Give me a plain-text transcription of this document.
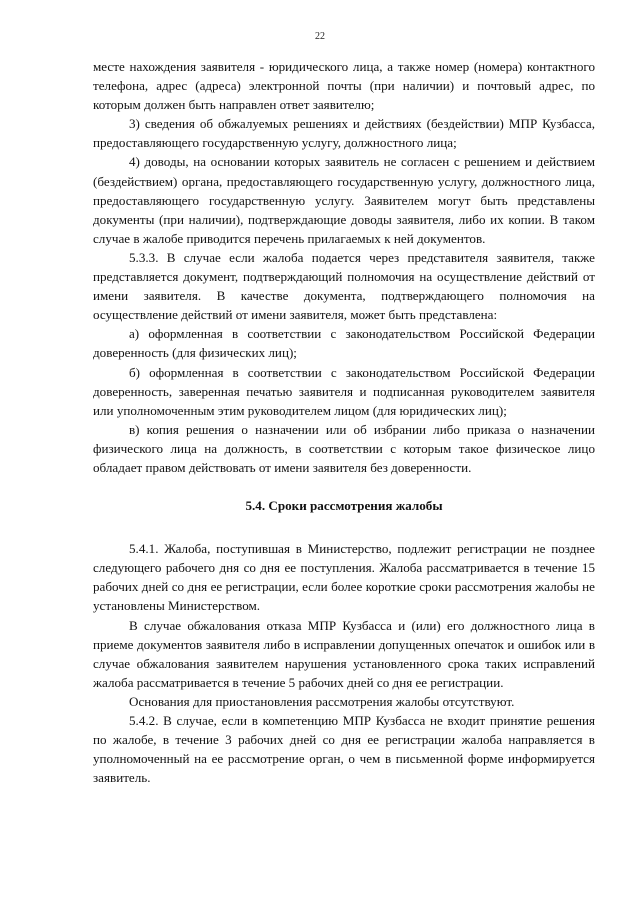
22

месте нахождения заявителя - юридического лица, а также номер (номера) контактного телефона, адрес (адреса) электронной почты (при наличии) и почтовый адрес, по которым должен быть направлен ответ заявителю;

3) сведения об обжалуемых решениях и действиях (бездействии) МПР Кузбасса, предоставляющего государственную услугу, должностного лица;

4) доводы, на основании которых заявитель не согласен с решением и действием (бездействием) органа, предоставляющего государственную услугу, должностного лица, предоставляющего государственную услугу. Заявителем могут быть представлены документы (при наличии), подтверждающие доводы заявителя, либо их копии. В таком случае в жалобе приводится перечень прилагаемых к ней документов.

5.3.3. В случае если жалоба подается через представителя заявителя, также представляется документ, подтверждающий полномочия на осуществление действий от имени заявителя. В качестве документа, подтверждающего полномочия на осуществление действий от имени заявителя, может быть представлена:

а) оформленная в соответствии с законодательством Российской Федерации доверенность (для физических лиц);

б) оформленная в соответствии с законодательством Российской Федерации доверенность, заверенная печатью заявителя и подписанная руководителем заявителя или уполномоченным этим руководителем лицом (для юридических лиц);

в) копия решения о назначении или об избрании либо приказа о назначении физического лица на должность, в соответствии с которым такое физическое лицо обладает правом действовать от имени заявителя без доверенности.

5.4. Сроки рассмотрения жалобы

5.4.1. Жалоба, поступившая в Министерство, подлежит регистрации не позднее следующего рабочего дня со дня ее поступления. Жалоба рассматривается в течение 15 рабочих дней со дня ее регистрации, если более короткие сроки рассмотрения жалобы не установлены Министерством.

В случае обжалования отказа МПР Кузбасса и (или) его должностного лица в приеме документов заявителя либо в исправлении допущенных опечаток и ошибок или в случае обжалования заявителем нарушения установленного срока таких исправлений жалоба рассматривается в течение 5 рабочих дней со дня ее регистрации.

Основания для приостановления рассмотрения жалобы отсутствуют.

5.4.2. В случае, если в компетенцию МПР Кузбасса не входит принятие решения по жалобе, в течение 3 рабочих дней со дня ее регистрации жалоба направляется в уполномоченный на ее рассмотрение орган, о чем в письменной форме информируется заявитель.
